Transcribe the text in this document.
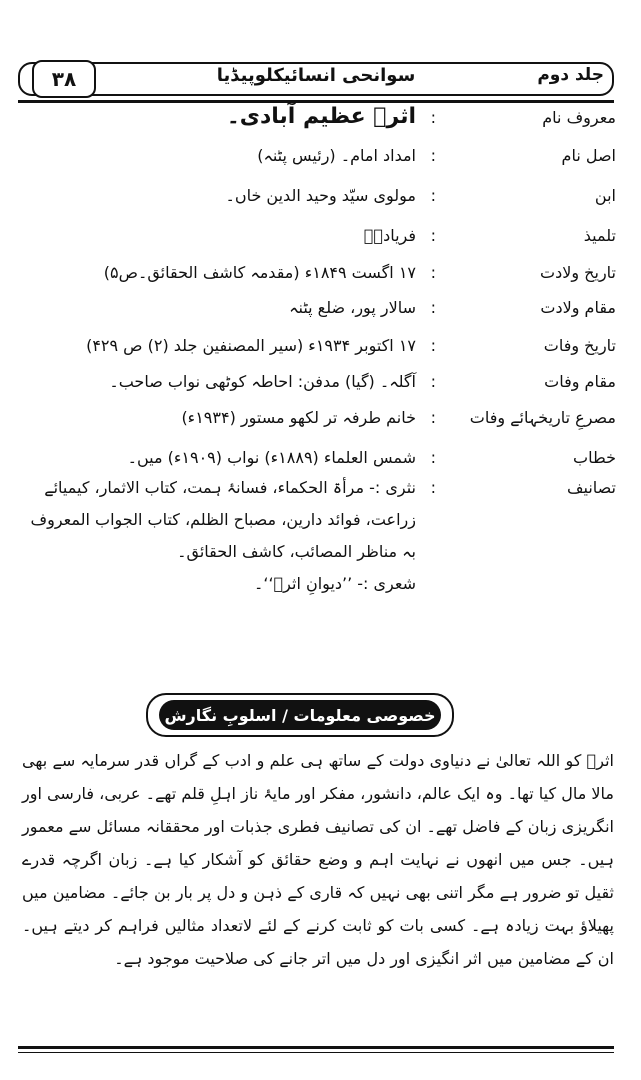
جلد دوم
سوانحی انسائیکلوپیڈیا
۳۸
معروف نام
:
اثرؔ عظیم آبادی۔
اصل نام
:
امداد امام۔ (رئیس پٹنہ)
ابن
:
مولوی سیّد وحید الدین خاں۔
تلمیذ
:
فریادؔ۔
تاریخ ولادت
:
۱۷ اگست ۱۸۴۹ء (مقدمہ کاشف الحقائق۔ص۵)
مقام ولادت
:
سالار پور، ضلع پٹنہ
تاریخ وفات
:
۱۷ اکتوبر ۱۹۳۴ء (سیر المصنفین جلد (۲) ص ۴۲۹)
مقام وفات
:
آگلہ۔ (گیا) مدفن: احاطہ کوٹھی نواب صاحب۔
مصرعِ تاریخہائے وفات
:
خانم طرفہ تر لکھو مستور (۱۹۳۴ء)
خطاب
:
شمس العلماء (۱۸۸۹ء) نواب (۱۹۰۹ء) میں۔
تصانیف
:
نثری :- مرأۃ الحکماء، فسانۂ ہمت، کتاب الاثمار، کیمیائے
زراعت، فوائد دارین، مصباح الظلم، کتاب الجواب المعروف
بہ مناظر المصائب، کاشف الحقائق۔
شعری :- ’’دیوانِ اثرؔ‘‘۔
خصوصی معلومات / اسلوبِ نگارش
اثرؔ کو اللہ تعالیٰ نے دنیاوی دولت کے ساتھ ہی علم و ادب کے گراں قدر سرمایہ سے بھی مالا مال کیا تھا۔ وہ ایک عالم، دانشور، مفکر اور مایۂ ناز اہلِ قلم تھے۔ عربی، فارسی اور انگریزی زبان کے فاضل تھے۔ ان کی تصانیف فطری جذبات اور محققانہ مسائل سے معمور ہیں۔ جس میں انھوں نے نہایت اہم و وضع حقائق کو آشکار کیا ہے۔ زبان اگرچہ قدرے ثقیل تو ضرور ہے مگر اتنی بھی نہیں کہ قاری کے ذہن و دل پر بار بن جائے۔ مضامین میں پھیلاؤ بہت زیادہ ہے۔ کسی بات کو ثابت کرنے کے لئے لاتعداد مثالیں فراہم کر دیتے ہیں۔ ان کے مضامین میں اثر انگیزی اور دل میں اتر جانے کی صلاحیت موجود ہے۔
